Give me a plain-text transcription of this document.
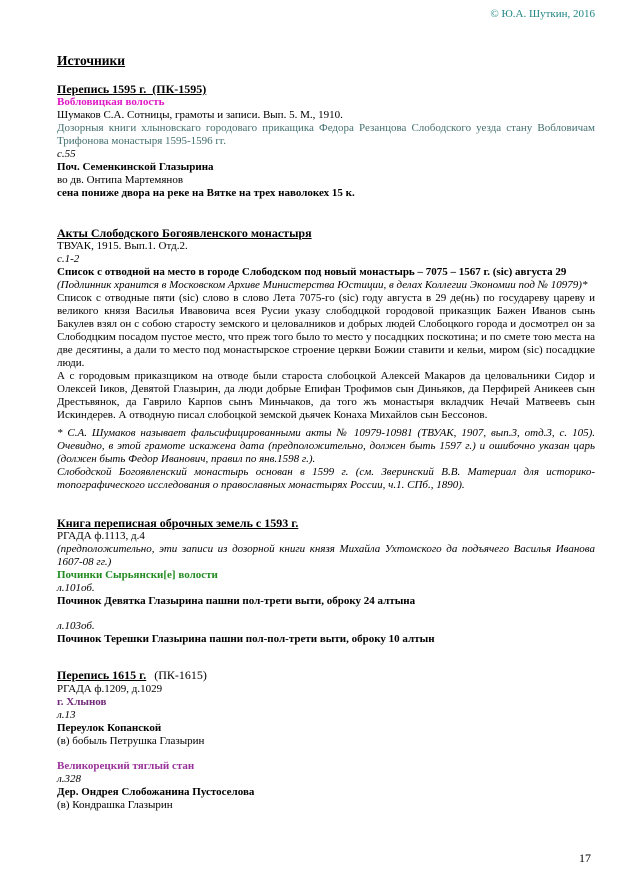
© Ю.А. Шуткин, 2016
Источники
Перепись 1595 г.  (ПК-1595)
Вобловицкая волость
Шумаков С.А. Сотницы, грамоты и записи. Вып. 5. М., 1910.
Дозорныя книги хлыновскаго городоваго прикащика Федора Резанцова Слободского уезда стану Вобловичам Трифонова монастыря 1595-1596 гг.
с.55
Поч. Семенкинской Глазырина
во дв. Онтипа Мартемянов
сена пониже двора на реке на Вятке на трех наволокех 15 к.
Акты Слободского Богоявленского монастыря
ТВУАК, 1915. Вып.1. Отд.2.
с.1-2
Список с отводной на место в городе Слободском под новый монастырь – 7075 – 1567 г. (sic) августа 29
(Подлинник хранится в Московском Архиве Министерства Юстиции, в делах Коллегии Экономии под № 10979)*
Список с отводные пяти (sic) слово в слово Лета 7075-го (sic) году августа в 29 де(нь) по государеву цареву и великого князя Василья Ивавовича всея Русии указу слободцкой городовой приказщик Бажен Иванов сынь Бакулев взял он с собою старосту земского и целовалников и добрых людей Слобоцкого города и досмотрел он за Слободцким посадом пустое место, что преж того было то место у посадцких поскотина; и по смете тою места на две десятины, а дали то место под монастырское строение церкви Божии ставити и кельи, миром (sic) посадцкие люди.
А с городовым приказщиком на отводе были староста слобоцкой Алексей Макаров да целовальники Сидор и Олексей Іиков, Девятой Глазырин, да люди добрые Епифан Трофимов сын Диньяков, да Перфирей Аникеев сын Дрестьвянок, да Гаврило Карпов сынъ Миньчаков, да того жъ монастыря вкладчик Нечай Матвеевъ сын Искиндерев. А отводную писал слобоцкой земской дьячек Конаха Михайлов сын Бессонов.
* С.А. Шумаков называет фальсифицированными акты № 10979-10981 (ТВУАК, 1907, вып.3, отд.3, с. 105). Очевидно, в этой грамоте искажена дата (предположительно, должен быть 1597 г.) и ошибочно указан царь (должен быть Федор Иванович, правил по янв.1598 г.).
Слободской Богоявленский монастырь основан в 1599 г. (см. Зверинский В.В. Материал для историко-топографического исследования о православных монастырях России, ч.1. СПб., 1890).
Книга переписная оброчных земель с 1593 г.
РГАДА ф.1113, д.4
(предположительно, эти записи из дозорной книги князя Михайла Ухтомского да подъячего Василья Иванова 1607-08 гг.)
Починки Сырьянски[е] волости
л.101об.
Починок Девятка Глазырина пашни пол-трети выти, оброку 24 алтына
л.103об.
Починок Терешки Глазырина пашни пол-пол-трети выти, оброку 10 алтын
Перепись 1615 г. (ПК-1615)
РГАДА ф.1209, д.1029
г. Хлынов
л.13
Переулок Копанской
(в) бобыль Петрушка Глазырин
Великорецкий тяглый стан
л.328
Дер. Ондрея Слобожанина Пустоселова
(в) Кондрашка Глазырин
17
